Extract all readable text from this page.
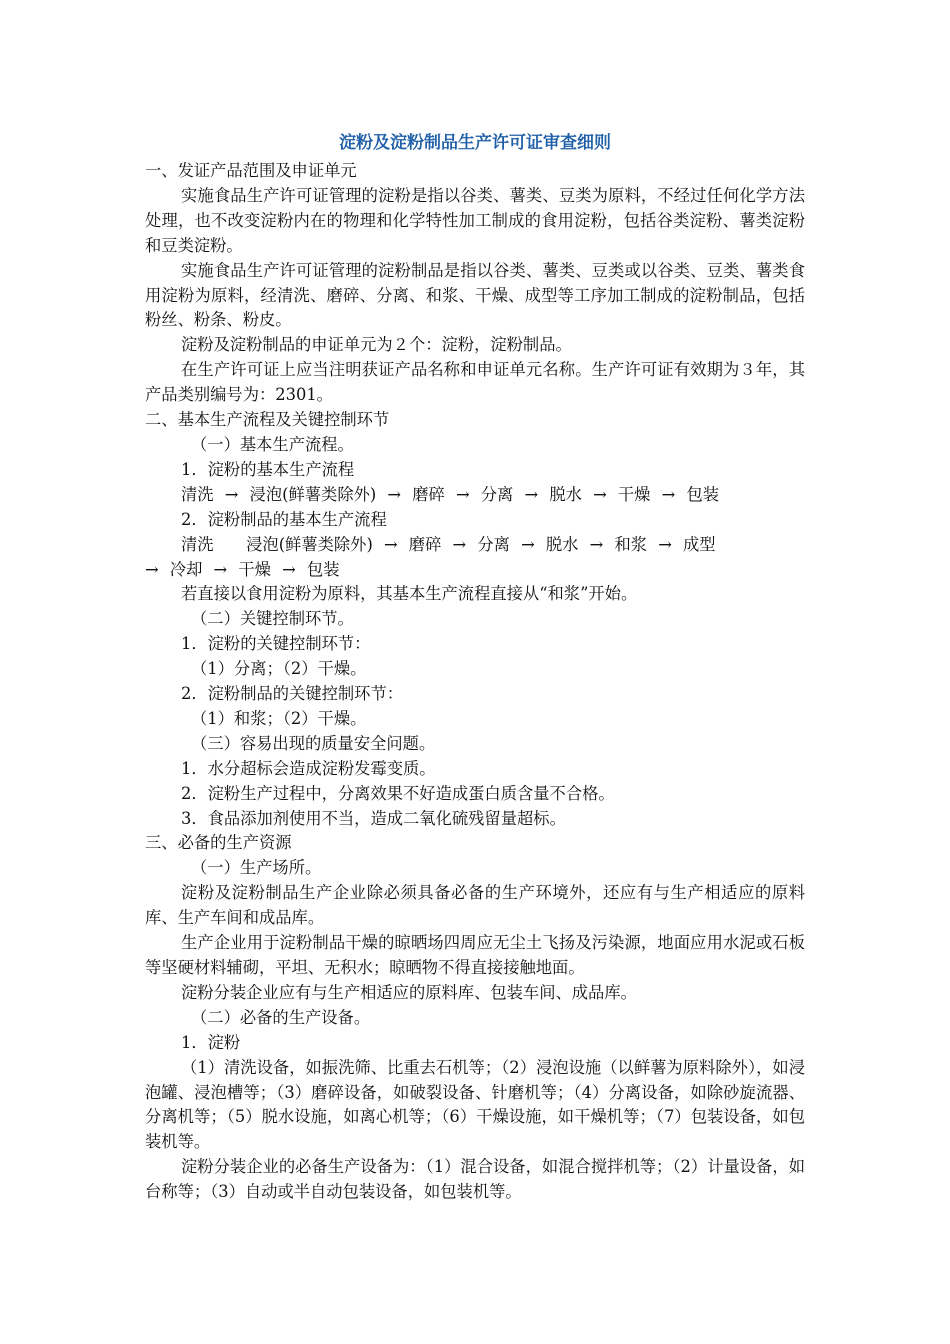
淀粉及淀粉制品生产许可证审查细则

一、发证产品范围及申证单元

实施食品生产许可证管理的淀粉是指以谷类、薯类、豆类为原料，不经过任何化学方法处理，也不改变淀粉内在的物理和化学特性加工制成的食用淀粉，包括谷类淀粉、薯类淀粉和豆类淀粉。

实施食品生产许可证管理的淀粉制品是指以谷类、薯类、豆类或以谷类、豆类、薯类食用淀粉为原料，经清洗、磨碎、分离、和浆、干燥、成型等工序加工制成的淀粉制品，包括粉丝、粉条、粉皮。

淀粉及淀粉制品的申证单元为２个：淀粉，淀粉制品。

在生产许可证上应当注明获证产品名称和申证单元名称。生产许可证有效期为３年，其产品类别编号为：2301。

二、基本生产流程及关键控制环节

（一）基本生产流程。

1．淀粉的基本生产流程

清洗 → 浸泡(鲜薯类除外) → 磨碎 → 分离 → 脱水 → 干燥 → 包装

2．淀粉制品的基本生产流程

清洗　　浸泡(鲜薯类除外) → 磨碎 → 分离 → 脱水 → 和浆 → 成型

→ 冷却 → 干燥 → 包装

若直接以食用淀粉为原料，其基本生产流程直接从“和浆”开始。

（二）关键控制环节。

1．淀粉的关键控制环节：

（1）分离；（2）干燥。

2．淀粉制品的关键控制环节：

（1）和浆；（2）干燥。

（三）容易出现的质量安全问题。

1．水分超标会造成淀粉发霉变质。

2．淀粉生产过程中，分离效果不好造成蛋白质含量不合格。

3．食品添加剂使用不当，造成二氧化硫残留量超标。

三、必备的生产资源

（一）生产场所。

淀粉及淀粉制品生产企业除必须具备必备的生产环境外，还应有与生产相适应的原料库、生产车间和成品库。

生产企业用于淀粉制品干燥的晾晒场四周应无尘土飞扬及污染源，地面应用水泥或石板等坚硬材料辅砌，平坦、无积水；晾晒物不得直接接触地面。

淀粉分装企业应有与生产相适应的原料库、包装车间、成品库。

（二）必备的生产设备。

1．淀粉

（1）清洗设备，如振洗筛、比重去石机等；（2）浸泡设施（以鲜薯为原料除外），如浸泡罐、浸泡槽等；（3）磨碎设备，如破裂设备、针磨机等；（4）分离设备，如除砂旋流器、分离机等；（5）脱水设施，如离心机等；（6）干燥设施，如干燥机等；（7）包装设备，如包装机等。

淀粉分装企业的必备生产设备为：（1）混合设备，如混合搅拌机等；（2）计量设备，如台称等；（3）自动或半自动包装设备，如包装机等。
